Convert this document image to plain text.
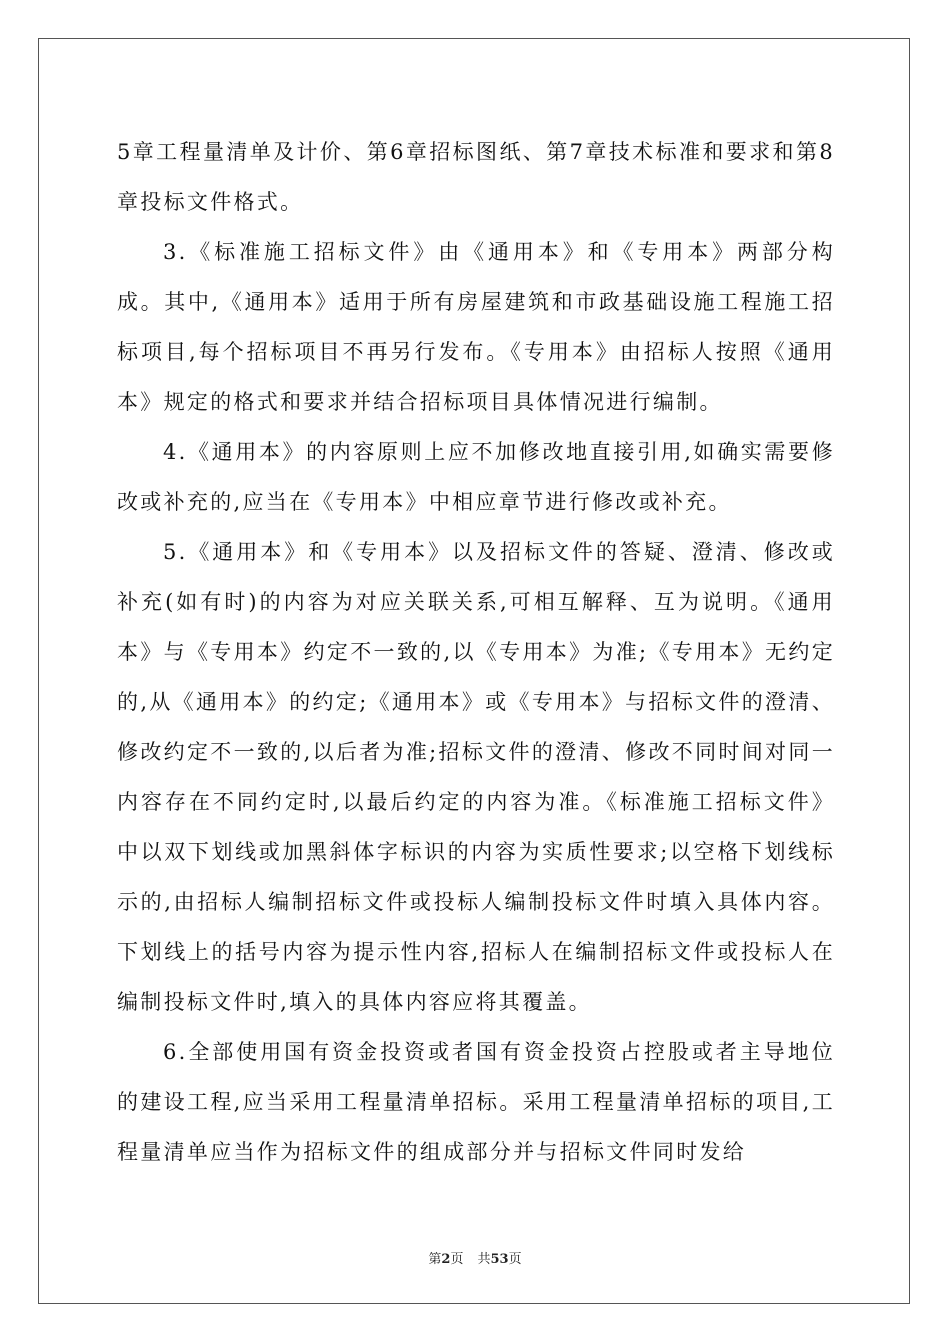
5章工程量清单及计价、第6章招标图纸、第7章技术标准和要求和第8章投标文件格式。

3.《标准施工招标文件》由《通用本》和《专用本》两部分构成。其中,《通用本》适用于所有房屋建筑和市政基础设施工程施工招标项目,每个招标项目不再另行发布。《专用本》由招标人按照《通用本》规定的格式和要求并结合招标项目具体情况进行编制。

4.《通用本》的内容原则上应不加修改地直接引用,如确实需要修改或补充的,应当在《专用本》中相应章节进行修改或补充。

5.《通用本》和《专用本》以及招标文件的答疑、澄清、修改或补充(如有时)的内容为对应关联关系,可相互解释、互为说明。《通用本》与《专用本》约定不一致的,以《专用本》为准;《专用本》无约定的,从《通用本》的约定;《通用本》或《专用本》与招标文件的澄清、修改约定不一致的,以后者为准;招标文件的澄清、修改不同时间对同一内容存在不同约定时,以最后约定的内容为准。《标准施工招标文件》中以双下划线或加黑斜体字标识的内容为实质性要求;以空格下划线标示的,由招标人编制招标文件或投标人编制投标文件时填入具体内容。下划线上的括号内容为提示性内容,招标人在编制招标文件或投标人在编制投标文件时,填入的具体内容应将其覆盖。

6.全部使用国有资金投资或者国有资金投资占控股或者主导地位的建设工程,应当采用工程量清单招标。采用工程量清单招标的项目,工程量清单应当作为招标文件的组成部分并与招标文件同时发给

第2页 共53页
